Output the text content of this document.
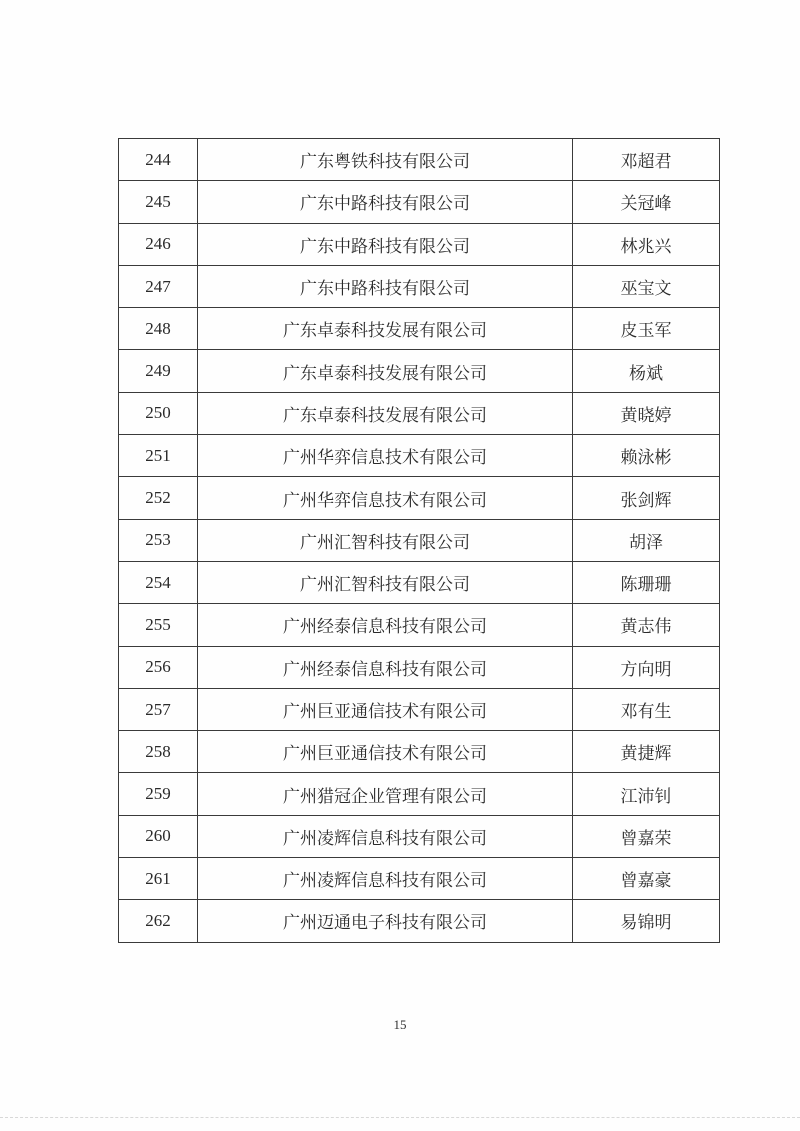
244	广东粤铁科技有限公司	邓超君
245	广东中路科技有限公司	关冠峰
246	广东中路科技有限公司	林兆兴
247	广东中路科技有限公司	巫宝文
248	广东卓泰科技发展有限公司	皮玉军
249	广东卓泰科技发展有限公司	杨斌
250	广东卓泰科技发展有限公司	黄晓婷
251	广州华弈信息技术有限公司	赖泳彬
252	广州华弈信息技术有限公司	张剑辉
253	广州汇智科技有限公司	胡泽
254	广州汇智科技有限公司	陈珊珊
255	广州经泰信息科技有限公司	黄志伟
256	广州经泰信息科技有限公司	方向明
257	广州巨亚通信技术有限公司	邓有生
258	广州巨亚通信技术有限公司	黄捷辉
259	广州猎冠企业管理有限公司	江沛钊
260	广州凌辉信息科技有限公司	曾嘉荣
261	广州凌辉信息科技有限公司	曾嘉豪
262	广州迈通电子科技有限公司	易锦明
15
